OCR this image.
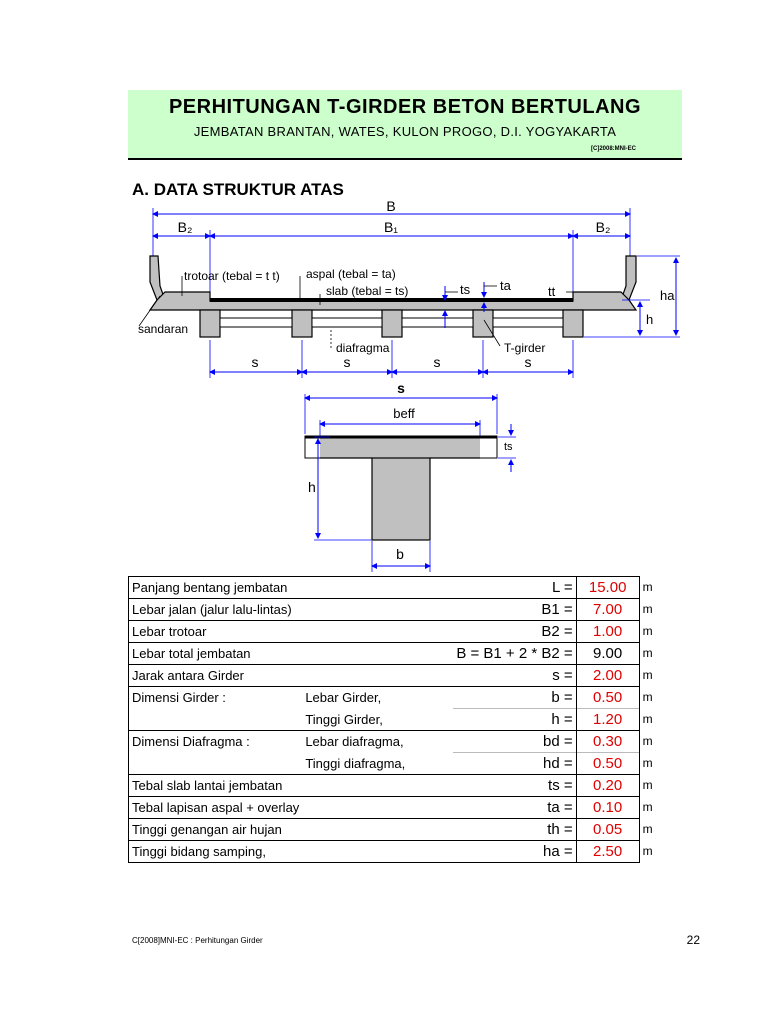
PERHITUNGAN T-GIRDER BETON BERTULANG
JEMBATAN BRANTAN, WATES, KULON PROGO, D.I. YOGYAKARTA
[C]2008:MNI-EC
A. DATA STRUKTUR ATAS
B
B₂	B₁	B₂
trotoar (tebal = t t) aspal (tebal = ta)
slab (tebal = ts)
sandaran
diafragma	T-girder
ts ta	tt	ha
h
s	s	s	s
s
beff
ts
h
b
Panjang bentang jembatan		L =	15.00	m
Lebar jalan (jalur lalu-lintas)		B1 =	7.00	m
Lebar trotoar		B2 =	1.00	m
Lebar total jembatan		B = B1 + 2 * B2 =	9.00	m
Jarak antara Girder		s =	2.00	m
Dimensi Girder :	Lebar Girder,	b =	0.50	m
	Tinggi Girder,	h =	1.20	m
Dimensi Diafragma :	Lebar diafragma,	bd =	0.30	m
	Tinggi diafragma,	hd =	0.50	m
Tebal slab lantai jembatan		ts =	0.20	m
Tebal lapisan aspal + overlay		ta =	0.10	m
Tinggi genangan air hujan		th =	0.05	m
Tinggi bidang samping,		ha =	2.50	m
C[2008]MNI-EC : Perhitungan Girder	22
